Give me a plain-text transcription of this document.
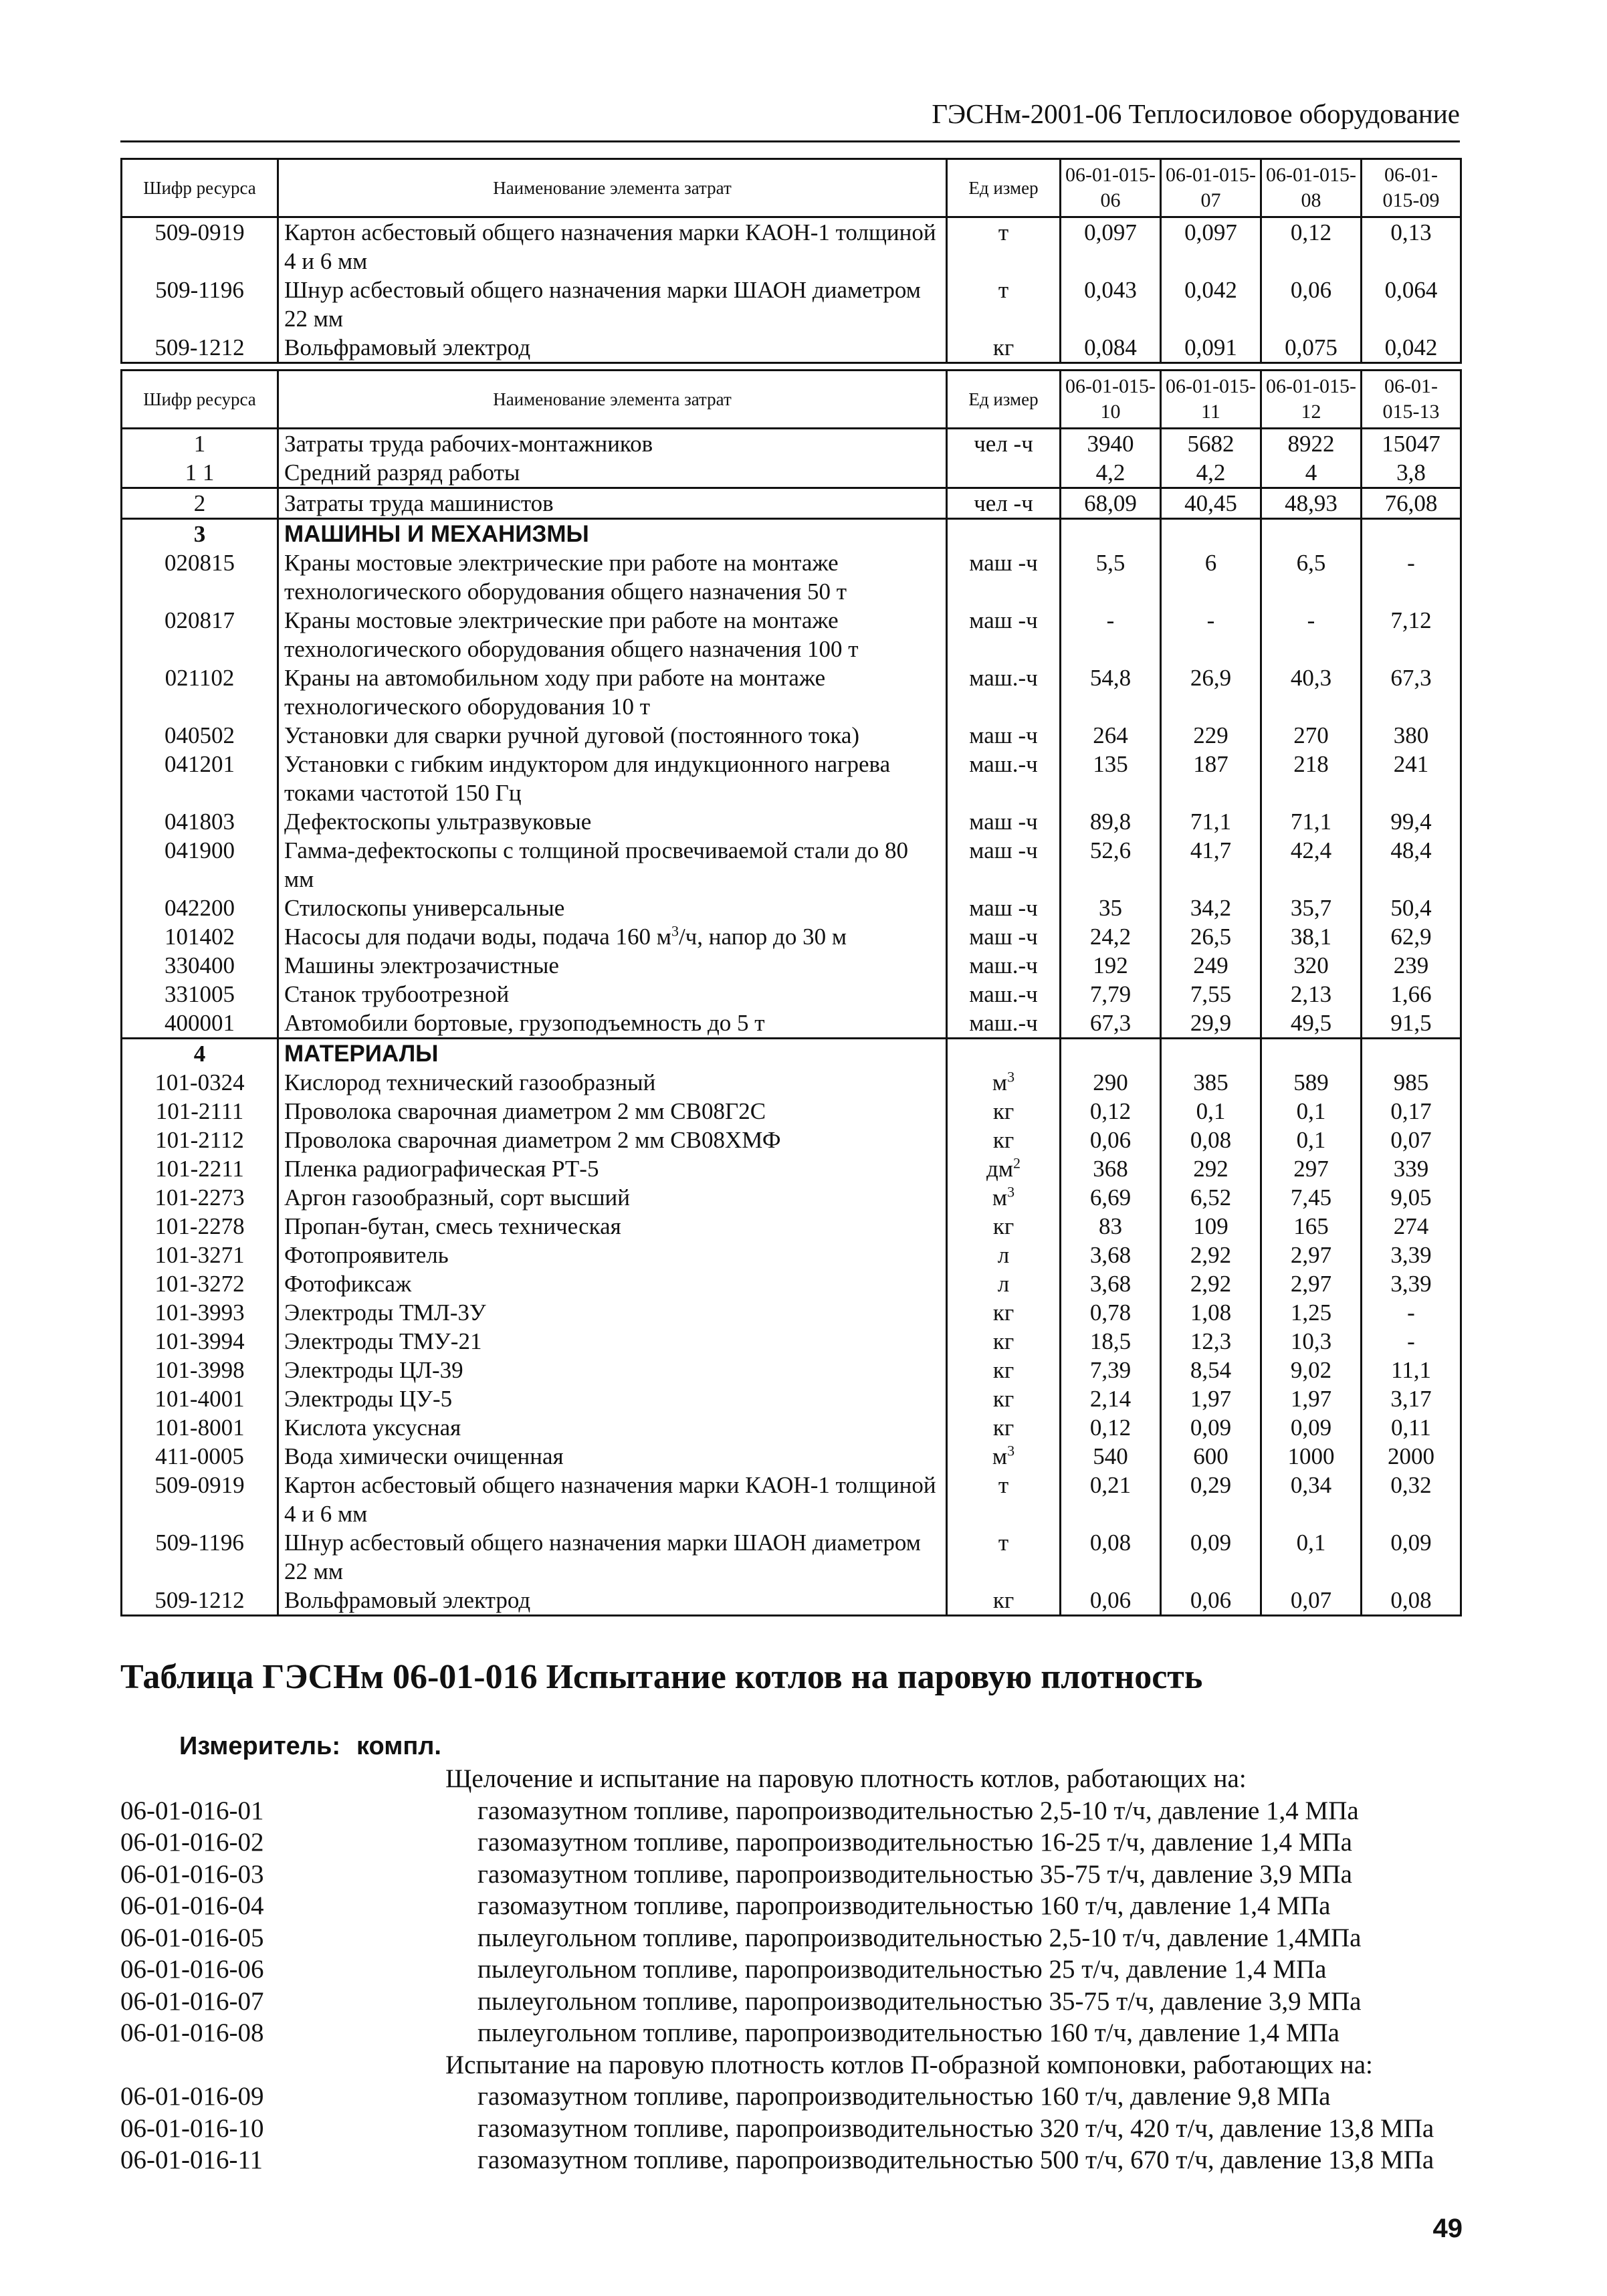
ГЭСНм-2001-06 Теплосиловое оборудование
Шифр ресурса	Наименование элемента затрат	Ед измер	06-01-015-06	06-01-015-07	06-01-015-08	06-01-015-09
509-0919	Картон асбестовый общего назначения марки КАОН-1 толщиной 4 и 6 мм	т	0,097	0,097	0,12	0,13
509-1196	Шнур асбестовый общего назначения марки ШАОН диаметром 22 мм	т	0,043	0,042	0,06	0,064
509-1212	Вольфрамовый электрод	кг	0,084	0,091	0,075	0,042
Шифр ресурса	Наименование элемента затрат	Ед измер	06-01-015-10	06-01-015-11	06-01-015-12	06-01-015-13
1	Затраты труда рабочих-монтажников	чел -ч	3940	5682	8922	15047
1 1	Средний разряд работы		4,2	4,2	4	3,8
2	Затраты труда машинистов	чел -ч	68,09	40,45	48,93	76,08
3	МАШИНЫ И МЕХАНИЗМЫ					
020815	Краны мостовые электрические при работе на монтаже технологического оборудования общего назначения 50 т	маш -ч	5,5	6	6,5	-
020817	Краны мостовые электрические при работе на монтаже технологического оборудования общего назначения 100 т	маш -ч	-	-	-	7,12
021102	Краны на автомобильном ходу при работе на монтаже технологического оборудования 10 т	маш.-ч	54,8	26,9	40,3	67,3
040502	Установки для сварки ручной дуговой (постоянного тока)	маш -ч	264	229	270	380
041201	Установки с гибким индуктором для индукционного нагрева токами частотой 150 Гц	маш.-ч	135	187	218	241
041803	Дефектоскопы ультразвуковые	маш -ч	89,8	71,1	71,1	99,4
041900	Гамма-дефектоскопы с толщиной просвечиваемой стали до 80 мм	маш -ч	52,6	41,7	42,4	48,4
042200	Стилоскопы универсальные	маш -ч	35	34,2	35,7	50,4
101402	Насосы для подачи воды, подача 160 $м^3/ч$, напор до 30 м	маш -ч	24,2	26,5	38,1	62,9
330400	Машины электрозачистные	маш.-ч	192	249	320	239
331005	Станок трубоотрезной	маш.-ч	7,79	7,55	2,13	1,66
400001	Автомобили бортовые, грузоподъемность до 5 т	маш.-ч	67,3	29,9	49,5	91,5
4	МАТЕРИАЛЫ					
101-0324	Кислород технический газообразный	$м^3$	290	385	589	985
101-2111	Проволока сварочная диаметром 2 мм СВ08Г2С	кг	0,12	0,1	0,1	0,17
101-2112	Проволока сварочная диаметром 2 мм СВ08ХМФ	кг	0,06	0,08	0,1	0,07
101-2211	Пленка радиографическая РТ-5	$дм^2$	368	292	297	339
101-2273	Аргон газообразный, сорт высший	$м^3$	6,69	6,52	7,45	9,05
101-2278	Пропан-бутан, смесь техническая	кг	83	109	165	274
101-3271	Фотопроявитель	л	3,68	2,92	2,97	3,39
101-3272	Фотофиксаж	л	3,68	2,92	2,97	3,39
101-3993	Электроды ТМЛ-3У	кг	0,78	1,08	1,25	-
101-3994	Электроды ТМУ-21	кг	18,5	12,3	10,3	-
101-3998	Электроды ЦЛ-39	кг	7,39	8,54	9,02	11,1
101-4001	Электроды ЦУ-5	кг	2,14	1,97	1,97	3,17
101-8001	Кислота уксусная	кг	0,12	0,09	0,09	0,11
411-0005	Вода химически очищенная	$м^3$	540	600	1000	2000
509-0919	Картон асбестовый общего назначения марки КАОН-1 толщиной 4 и 6 мм	т	0,21	0,29	0,34	0,32
509-1196	Шнур асбестовый общего назначения марки ШАОН диаметром 22 мм	т	0,08	0,09	0,1	0,09
509-1212	Вольфрамовый электрод	кг	0,06	0,06	0,07	0,08
Таблица ГЭСНм 06-01-016 Испытание котлов на паровую плотность
Измеритель: компл.
Щелочение и испытание на паровую плотность котлов, работающих на:
06-01-016-01	газомазутном топливе, паропроизводительностью 2,5-10 т/ч, давление 1,4 МПа
06-01-016-02	газомазутном топливе, паропроизводительностью 16-25 т/ч, давление 1,4 МПа
06-01-016-03	газомазутном топливе, паропроизводительностью 35-75 т/ч, давление 3,9 МПа
06-01-016-04	газомазутном топливе, паропроизводительностью 160 т/ч, давление 1,4 МПа
06-01-016-05	пылеугольном топливе, паропроизводительностью 2,5-10 т/ч, давление 1,4МПа
06-01-016-06	пылеугольном топливе, паропроизводительностью 25 т/ч, давление 1,4 МПа
06-01-016-07	пылеугольном топливе, паропроизводительностью 35-75 т/ч, давление 3,9 МПа
06-01-016-08	пылеугольном топливе, паропроизводительностью 160 т/ч, давление 1,4 МПа
Испытание на паровую плотность котлов П-образной компоновки, работающих на:
06-01-016-09	газомазутном топливе, паропроизводительностью 160 т/ч, давление 9,8 МПа
06-01-016-10	газомазутном топливе, паропроизводительностью 320 т/ч, 420 т/ч, давление 13,8 МПа
06-01-016-11	газомазутном топливе, паропроизводительностью 500 т/ч, 670 т/ч, давление 13,8 МПа
49
